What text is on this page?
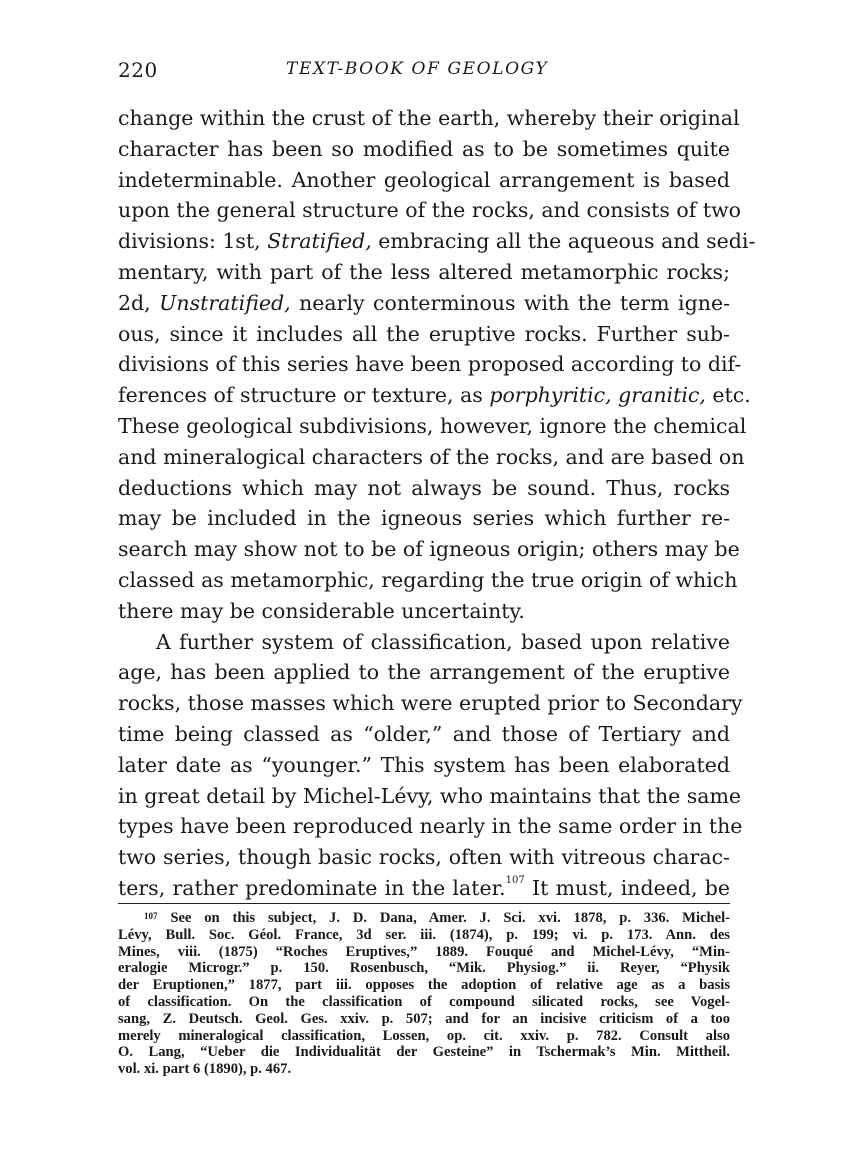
220	TEXT-BOOK OF GEOLOGY
change within the crust of the earth, whereby their original
character has been so modified as to be sometimes quite
indeterminable. Another geological arrangement is based
upon the general structure of the rocks, and consists of two
divisions: 1st, Stratified, embracing all the aqueous and sedi-
mentary, with part of the less altered metamorphic rocks;
2d, Unstratified, nearly conterminous with the term igne-
ous, since it includes all the eruptive rocks. Further sub-
divisions of this series have been proposed according to dif-
ferences of structure or texture, as porphyritic, granitic, etc.
These geological subdivisions, however, ignore the chemical
and mineralogical characters of the rocks, and are based on
deductions which may not always be sound. Thus, rocks
may be included in the igneous series which further re-
search may show not to be of igneous origin; others may be
classed as metamorphic, regarding the true origin of which
there may be considerable uncertainty.
A further system of classification, based upon relative
age, has been applied to the arrangement of the eruptive
rocks, those masses which were erupted prior to Secondary
time being classed as “older,” and those of Tertiary and
later date as “younger.” This system has been elaborated
in great detail by Michel-Lévy, who maintains that the same
types have been reproduced nearly in the same order in the
two series, though basic rocks, often with vitreous charac-
ters, rather predominate in the later.$^{107}$ It must, indeed, be
$^{107}$ See on this subject, J. D. Dana, Amer. J. Sci. xvi. 1878, p. 336. Michel-
Lévy, Bull. Soc. Géol. France, 3d ser. iii. (1874), p. 199; vi. p. 173. Ann. des
Mines, viii. (1875) “Roches Eruptives,” 1889. Fouqué and Michel-Lévy, “Min-
eralogie Microgr.” p. 150. Rosenbusch, “Mik. Physiog.” ii. Reyer, “Physik
der Eruptionen,” 1877, part iii. opposes the adoption of relative age as a basis
of classification. On the classification of compound silicated rocks, see Vogel-
sang, Z. Deutsch. Geol. Ges. xxiv. p. 507; and for an incisive criticism of a too
merely mineralogical classification, Lossen, op. cit. xxiv. p. 782. Consult also
O. Lang, “Ueber die Individualität der Gesteine” in Tschermak’s Min. Mittheil.
vol. xi. part 6 (1890), p. 467.
